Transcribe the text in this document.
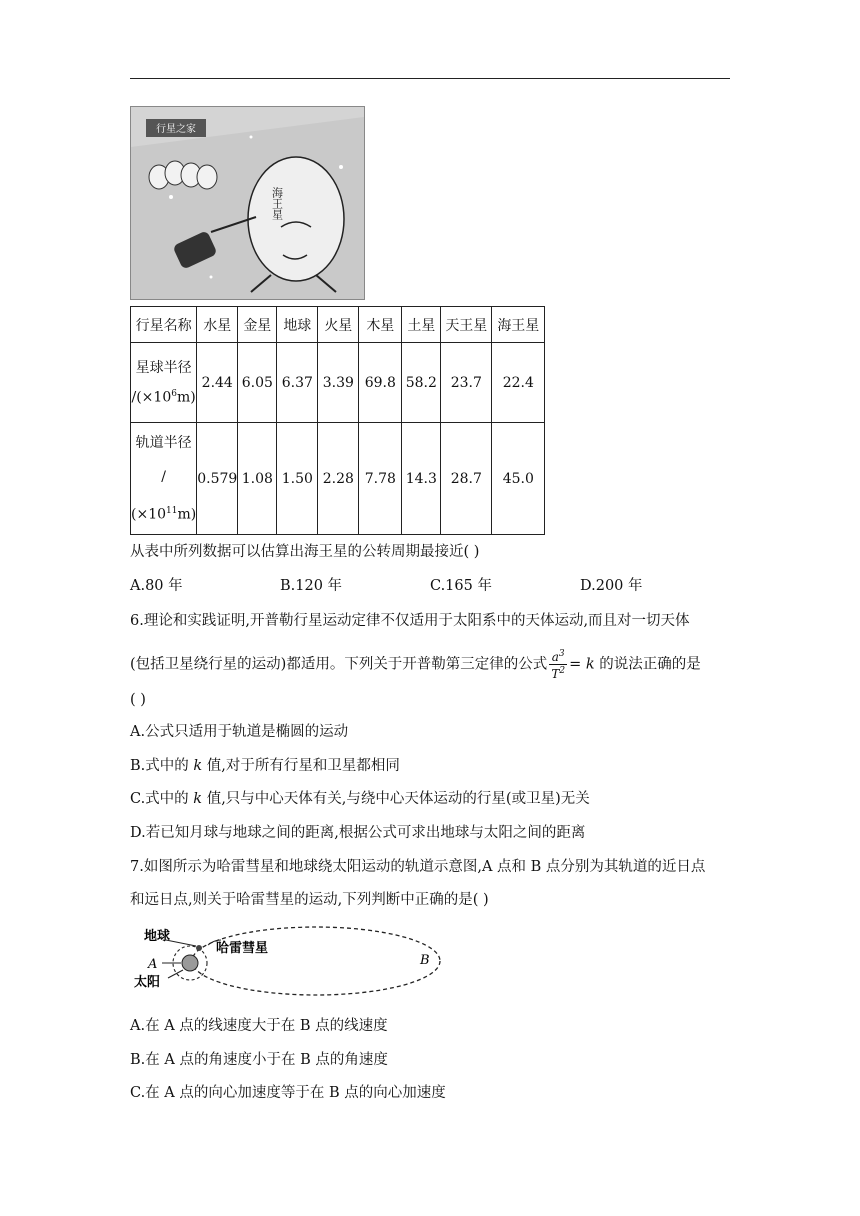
行星之家
海王星
行星名称	水星	金星	地球	火星	木星	土星	天王星	海王星
星球半径
$/(\times 10^6m)$	2.44	6.05	6.37	3.39	69.8	58.2	23.7	22.4
轨道半径
/
$(\times 10^{11}m)$	0.579	1.08	1.50	2.28	7.78	14.3	28.7	45.0
从表中所列数据可以估算出海王星的公转周期最接近( )
A.80 年	B.120 年	C.165 年	D.200 年
6.理论和实践证明,开普勒行星运动定律不仅适用于太阳系中的天体运动,而且对一切天体
(包括卫星绕行星的运动)都适用。下列关于开普勒第三定律的公式 $\frac{a^3}{T^2} = k$ 的说法正确的是
( )
A.公式只适用于轨道是椭圆的运动
B.式中的 k 值,对于所有行星和卫星都相同
C.式中的 k 值,只与中心天体有关,与绕中心天体运动的行星(或卫星)无关
D.若已知月球与地球之间的距离,根据公式可求出地球与太阳之间的距离
7.如图所示为哈雷彗星和地球绕太阳运动的轨道示意图,A 点和 B 点分别为其轨道的近日点
和远日点,则关于哈雷彗星的运动,下列判断中正确的是( )
地球
哈雷彗星
A	B
太阳
A.在 A 点的线速度大于在 B 点的线速度
B.在 A 点的角速度小于在 B 点的角速度
C.在 A 点的向心加速度等于在 B 点的向心加速度
